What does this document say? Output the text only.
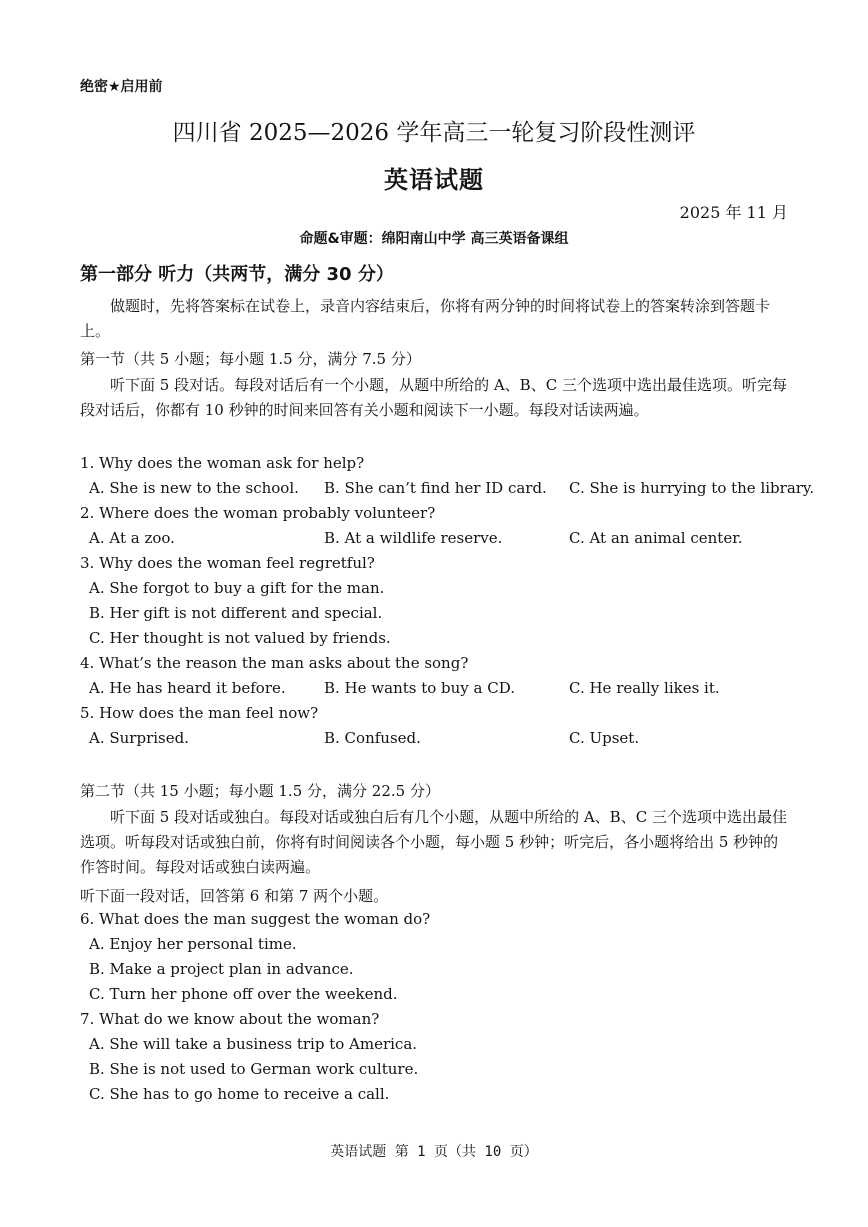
绝密★启用前
四川省 2025—2026 学年高三一轮复习阶段性测评
英语试题
2025 年 11 月
命题&审题：绵阳南山中学 高三英语备课组
第一部分 听力（共两节，满分 30 分）
做题时，先将答案标在试卷上，录音内容结束后，你将有两分钟的时间将试卷上的答案转涂到答题卡上。
第一节（共 5 小题；每小题 1.5 分，满分 7.5 分）
听下面 5 段对话。每段对话后有一个小题，从题中所给的 A、B、C 三个选项中选出最佳选项。听完每段对话后，你都有 10 秒钟的时间来回答有关小题和阅读下一小题。每段对话读两遍。
1. Why does the woman ask for help?
A. She is new to the school. B. She can’t find her ID card. C. She is hurrying to the library.
2. Where does the woman probably volunteer?
A. At a zoo.	B. At a wildlife reserve.	C. At an animal center.
3. Why does the woman feel regretful?
A. She forgot to buy a gift for the man.
B. Her gift is not different and special.
C. Her thought is not valued by friends.
4. What’s the reason the man asks about the song?
A. He has heard it before.	B. He wants to buy a CD.	C. He really likes it.
5. How does the man feel now?
A. Surprised.	B. Confused.	C. Upset.
第二节（共 15 小题；每小题 1.5 分，满分 22.5 分）
听下面 5 段对话或独白。每段对话或独白后有几个小题，从题中所给的 A、B、C 三个选项中选出最佳选项。听每段对话或独白前，你将有时间阅读各个小题，每小题 5 秒钟；听完后，各小题将给出 5 秒钟的作答时间。每段对话或独白读两遍。
听下面一段对话，回答第 6 和第 7 两个小题。
6. What does the man suggest the woman do?
A. Enjoy her personal time.
B. Make a project plan in advance.
C. Turn her phone off over the weekend.
7. What do we know about the woman?
A. She will take a business trip to America.
B. She is not used to German work culture.
C. She has to go home to receive a call.
英语试题 第 1 页（共 10 页）
